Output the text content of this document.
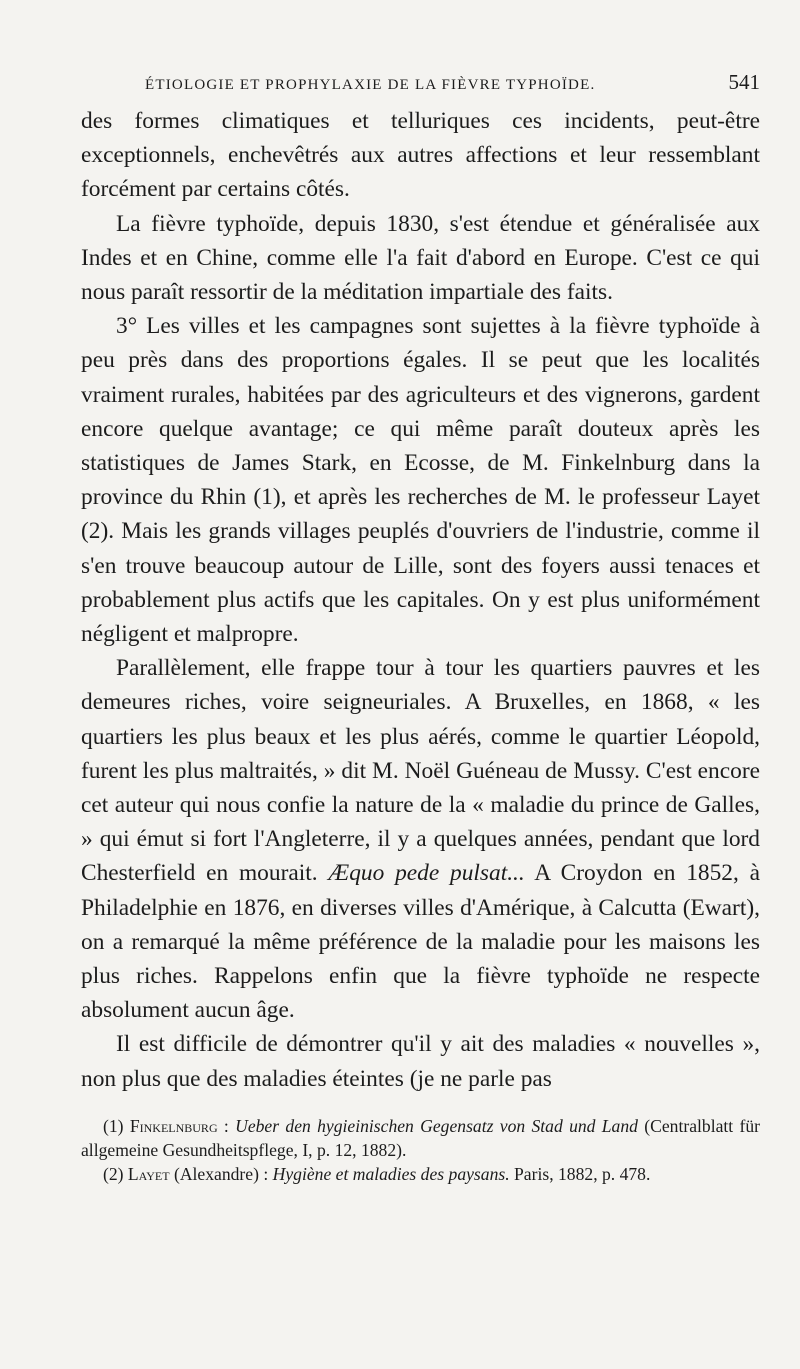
ÉTIOLOGIE ET PROPHYLAXIE DE LA FIÈVRE TYPHOÏDE.	541

des formes climatiques et telluriques ces incidents, peut-être exceptionnels, enchevêtrés aux autres affections et leur ressemblant forcément par certains côtés.

La fièvre typhoïde, depuis 1830, s'est étendue et généralisée aux Indes et en Chine, comme elle l'a fait d'abord en Europe. C'est ce qui nous paraît ressortir de la méditation impartiale des faits.

3° Les villes et les campagnes sont sujettes à la fièvre typhoïde à peu près dans des proportions égales. Il se peut que les localités vraiment rurales, habitées par des agriculteurs et des vignerons, gardent encore quelque avantage; ce qui même paraît douteux après les statistiques de James Stark, en Ecosse, de M. Finkelnburg dans la province du Rhin (1), et après les recherches de M. le professeur Layet (2). Mais les grands villages peuplés d'ouvriers de l'industrie, comme il s'en trouve beaucoup autour de Lille, sont des foyers aussi tenaces et probablement plus actifs que les capitales. On y est plus uniformément négligent et malpropre.

Parallèlement, elle frappe tour à tour les quartiers pauvres et les demeures riches, voire seigneuriales. A Bruxelles, en 1868, « les quartiers les plus beaux et les plus aérés, comme le quartier Léopold, furent les plus maltraités, » dit M. Noël Guéneau de Mussy. C'est encore cet auteur qui nous confie la nature de la « maladie du prince de Galles, » qui émut si fort l'Angleterre, il y a quelques années, pendant que lord Chesterfield en mourait. Æquo pede pulsat... A Croydon en 1852, à Philadelphie en 1876, en diverses villes d'Amérique, à Calcutta (Ewart), on a remarqué la même préférence de la maladie pour les maisons les plus riches. Rappelons enfin que la fièvre typhoïde ne respecte absolument aucun âge.

Il est difficile de démontrer qu'il y ait des maladies « nouvelles », non plus que des maladies éteintes (je ne parle pas

(1) Finkelnburg : Ueber den hygieinischen Gegensatz von Stad und Land (Centralblatt für allgemeine Gesundheitspflege, I, p. 12, 1882).

(2) Layet (Alexandre) : Hygiène et maladies des paysans. Paris, 1882, p. 478.
